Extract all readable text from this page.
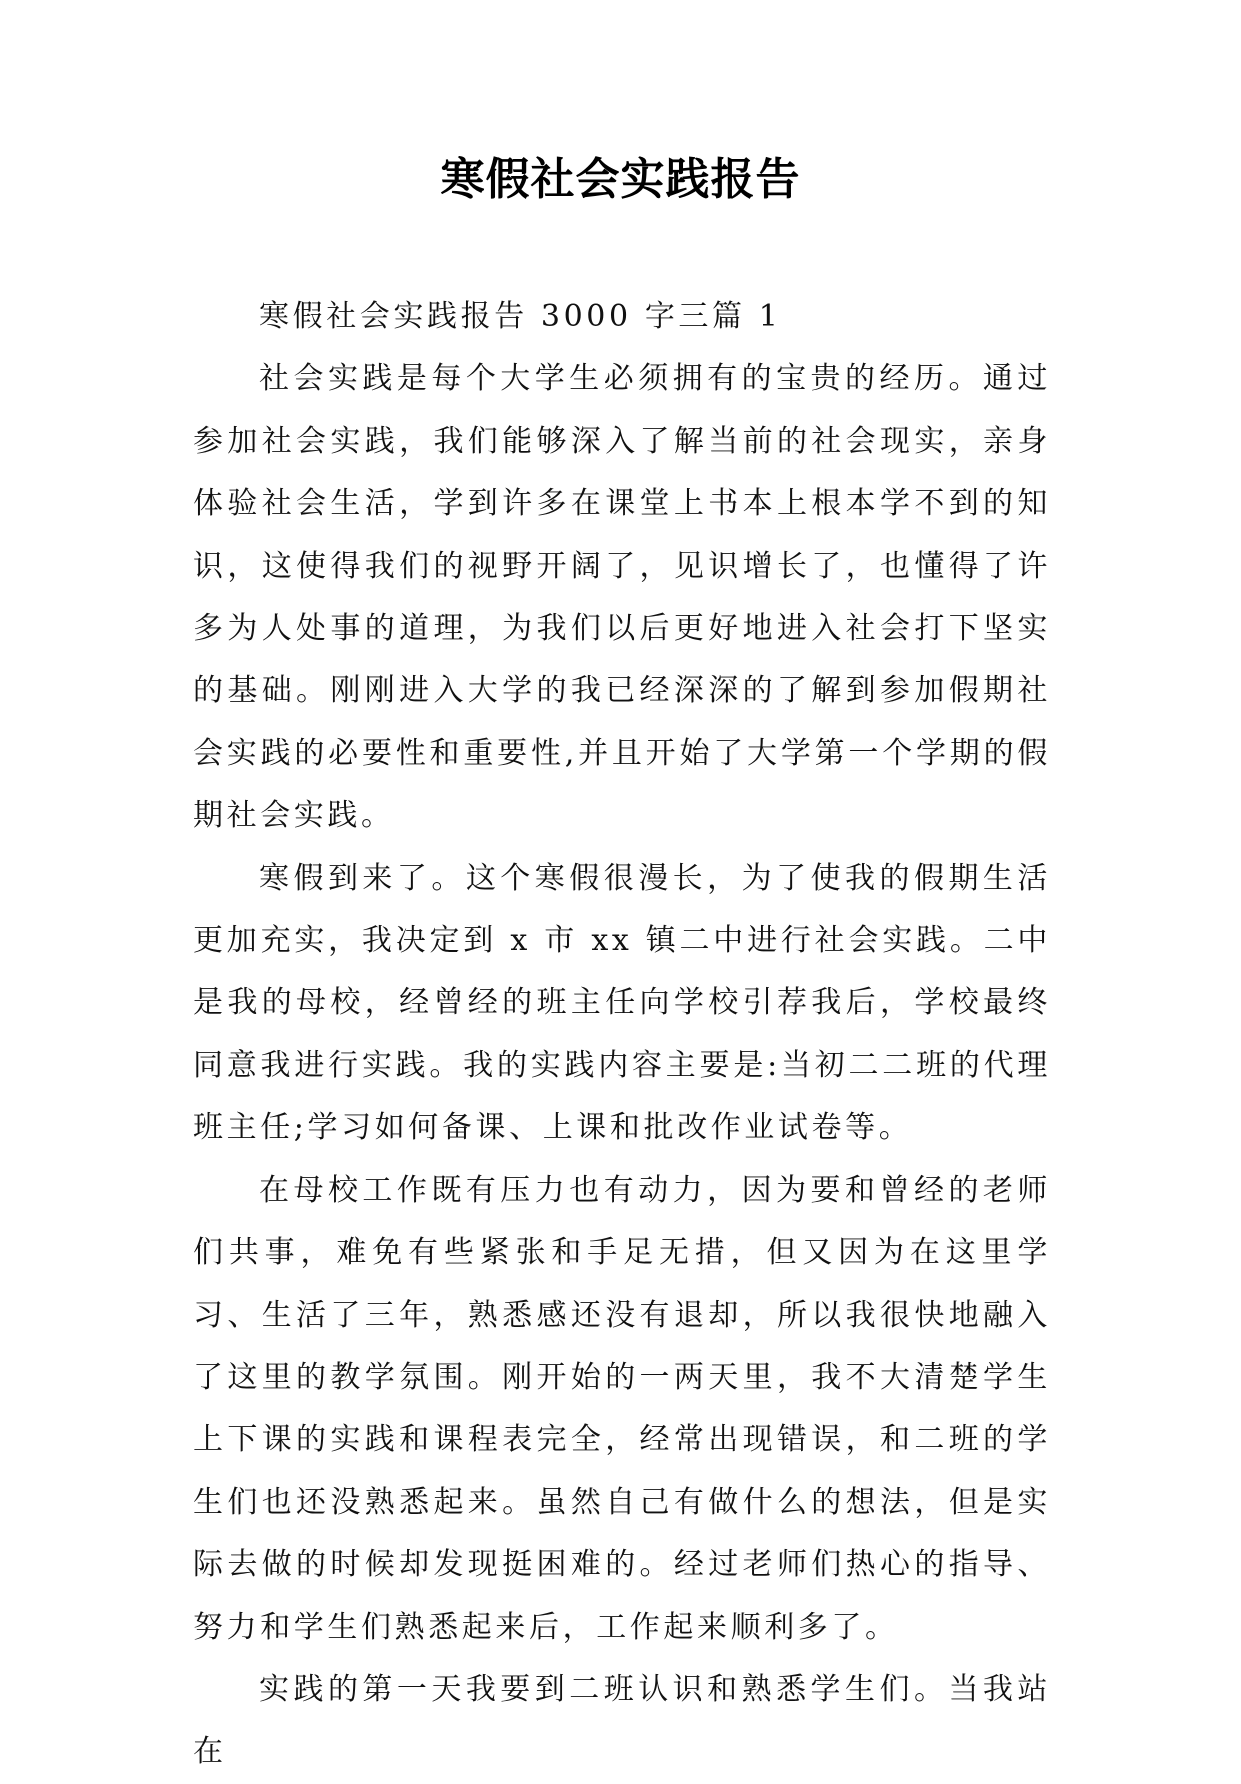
寒假社会实践报告

寒假社会实践报告 3000 字三篇 1

社会实践是每个大学生必须拥有的宝贵的经历。通过参加社会实践，我们能够深入了解当前的社会现实，亲身体验社会生活，学到许多在课堂上书本上根本学不到的知识，这使得我们的视野开阔了，见识增长了，也懂得了许多为人处事的道理，为我们以后更好地进入社会打下坚实的基础。刚刚进入大学的我已经深深的了解到参加假期社会实践的必要性和重要性,并且开始了大学第一个学期的假期社会实践。

寒假到来了。这个寒假很漫长，为了使我的假期生活更加充实，我决定到 x 市 xx 镇二中进行社会实践。二中是我的母校，经曾经的班主任向学校引荐我后，学校最终同意我进行实践。我的实践内容主要是:当初二二班的代理班主任;学习如何备课、上课和批改作业试卷等。

在母校工作既有压力也有动力，因为要和曾经的老师们共事，难免有些紧张和手足无措，但又因为在这里学习、生活了三年，熟悉感还没有退却，所以我很快地融入了这里的教学氛围。刚开始的一两天里，我不大清楚学生上下课的实践和课程表完全，经常出现错误，和二班的学生们也还没熟悉起来。虽然自己有做什么的想法，但是实际去做的时候却发现挺困难的。经过老师们热心的指导、努力和学生们熟悉起来后，工作起来顺利多了。

实践的第一天我要到二班认识和熟悉学生们。当我站在
